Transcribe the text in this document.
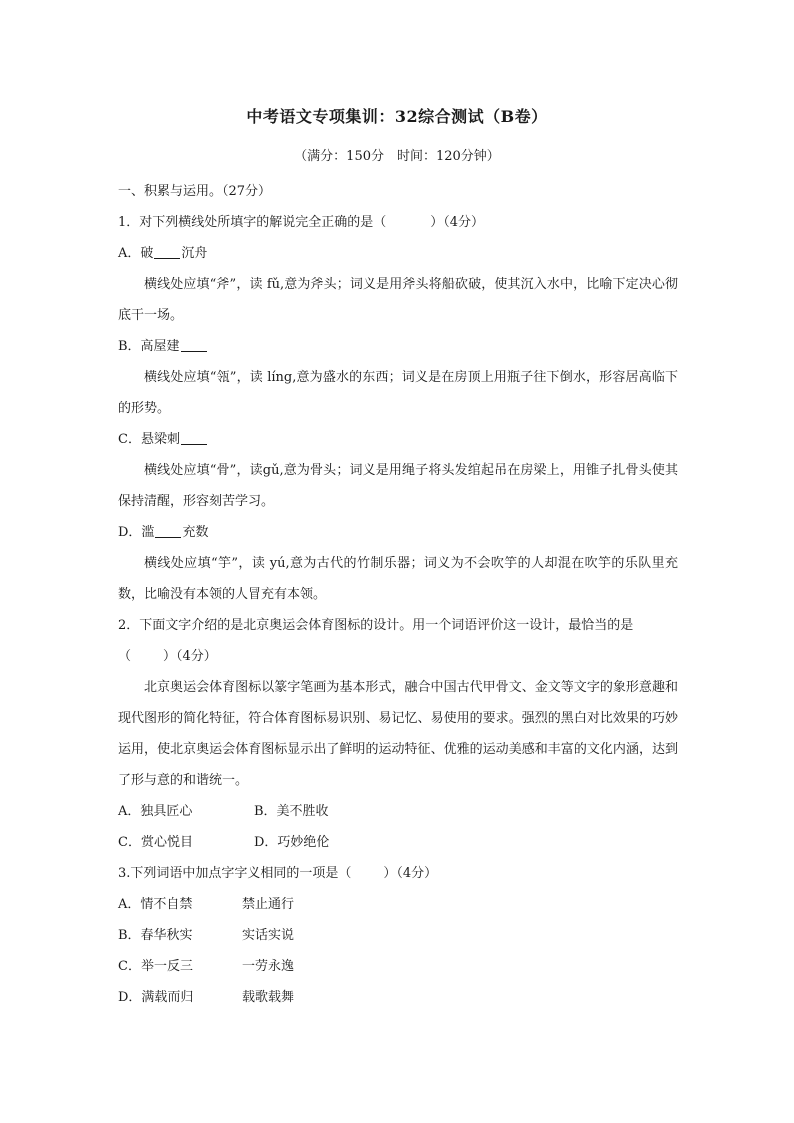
中考语文专项集训：32综合测试（B卷）
（满分：150分　时间：120分钟）
一、积累与运用。（27分）
1．对下列横线处所填字的解说完全正确的是（	）（4分）
A．破 沉舟
横线处应填“斧”，读 fǔ,意为斧头；词义是用斧头将船砍破，使其沉入水中，比喻下定决心彻底干一场。
B．高屋建
横线处应填“瓴”，读 líng,意为盛水的东西；词义是在房顶上用瓶子往下倒水，形容居高临下的形势。
C．悬梁刺
横线处应填“骨”，读gǔ,意为骨头；词义是用绳子将头发绾起吊在房梁上，用锥子扎骨头使其保持清醒，形容刻苦学习。
D．滥 充数
横线处应填“竽”，读 yú,意为古代的竹制乐器；词义为不会吹竽的人却混在吹竽的乐队里充数，比喻没有本领的人冒充有本领。
2．下面文字介绍的是北京奥运会体育图标的设计。用一个词语评价这一设计，最恰当的是
（ ）（4分）
北京奥运会体育图标以篆字笔画为基本形式，融合中国古代甲骨文、金文等文字的象形意趣和现代图形的简化特征，符合体育图标易识别、易记忆、易使用的要求。强烈的黑白对比效果的巧妙运用，使北京奥运会体育图标显示出了鲜明的运动特征、优雅的运动美感和丰富的文化内涵，达到了形与意的和谐统一。
A．独具匠心	B．美不胜收
C．赏心悦目	D．巧妙绝伦
3.下列词语中加点字字义相同的一项是（ ）（4分）
A．情不自禁	禁止通行
B．春华秋实	实话实说
C．举一反三	一劳永逸
D．满载而归	载歌载舞
